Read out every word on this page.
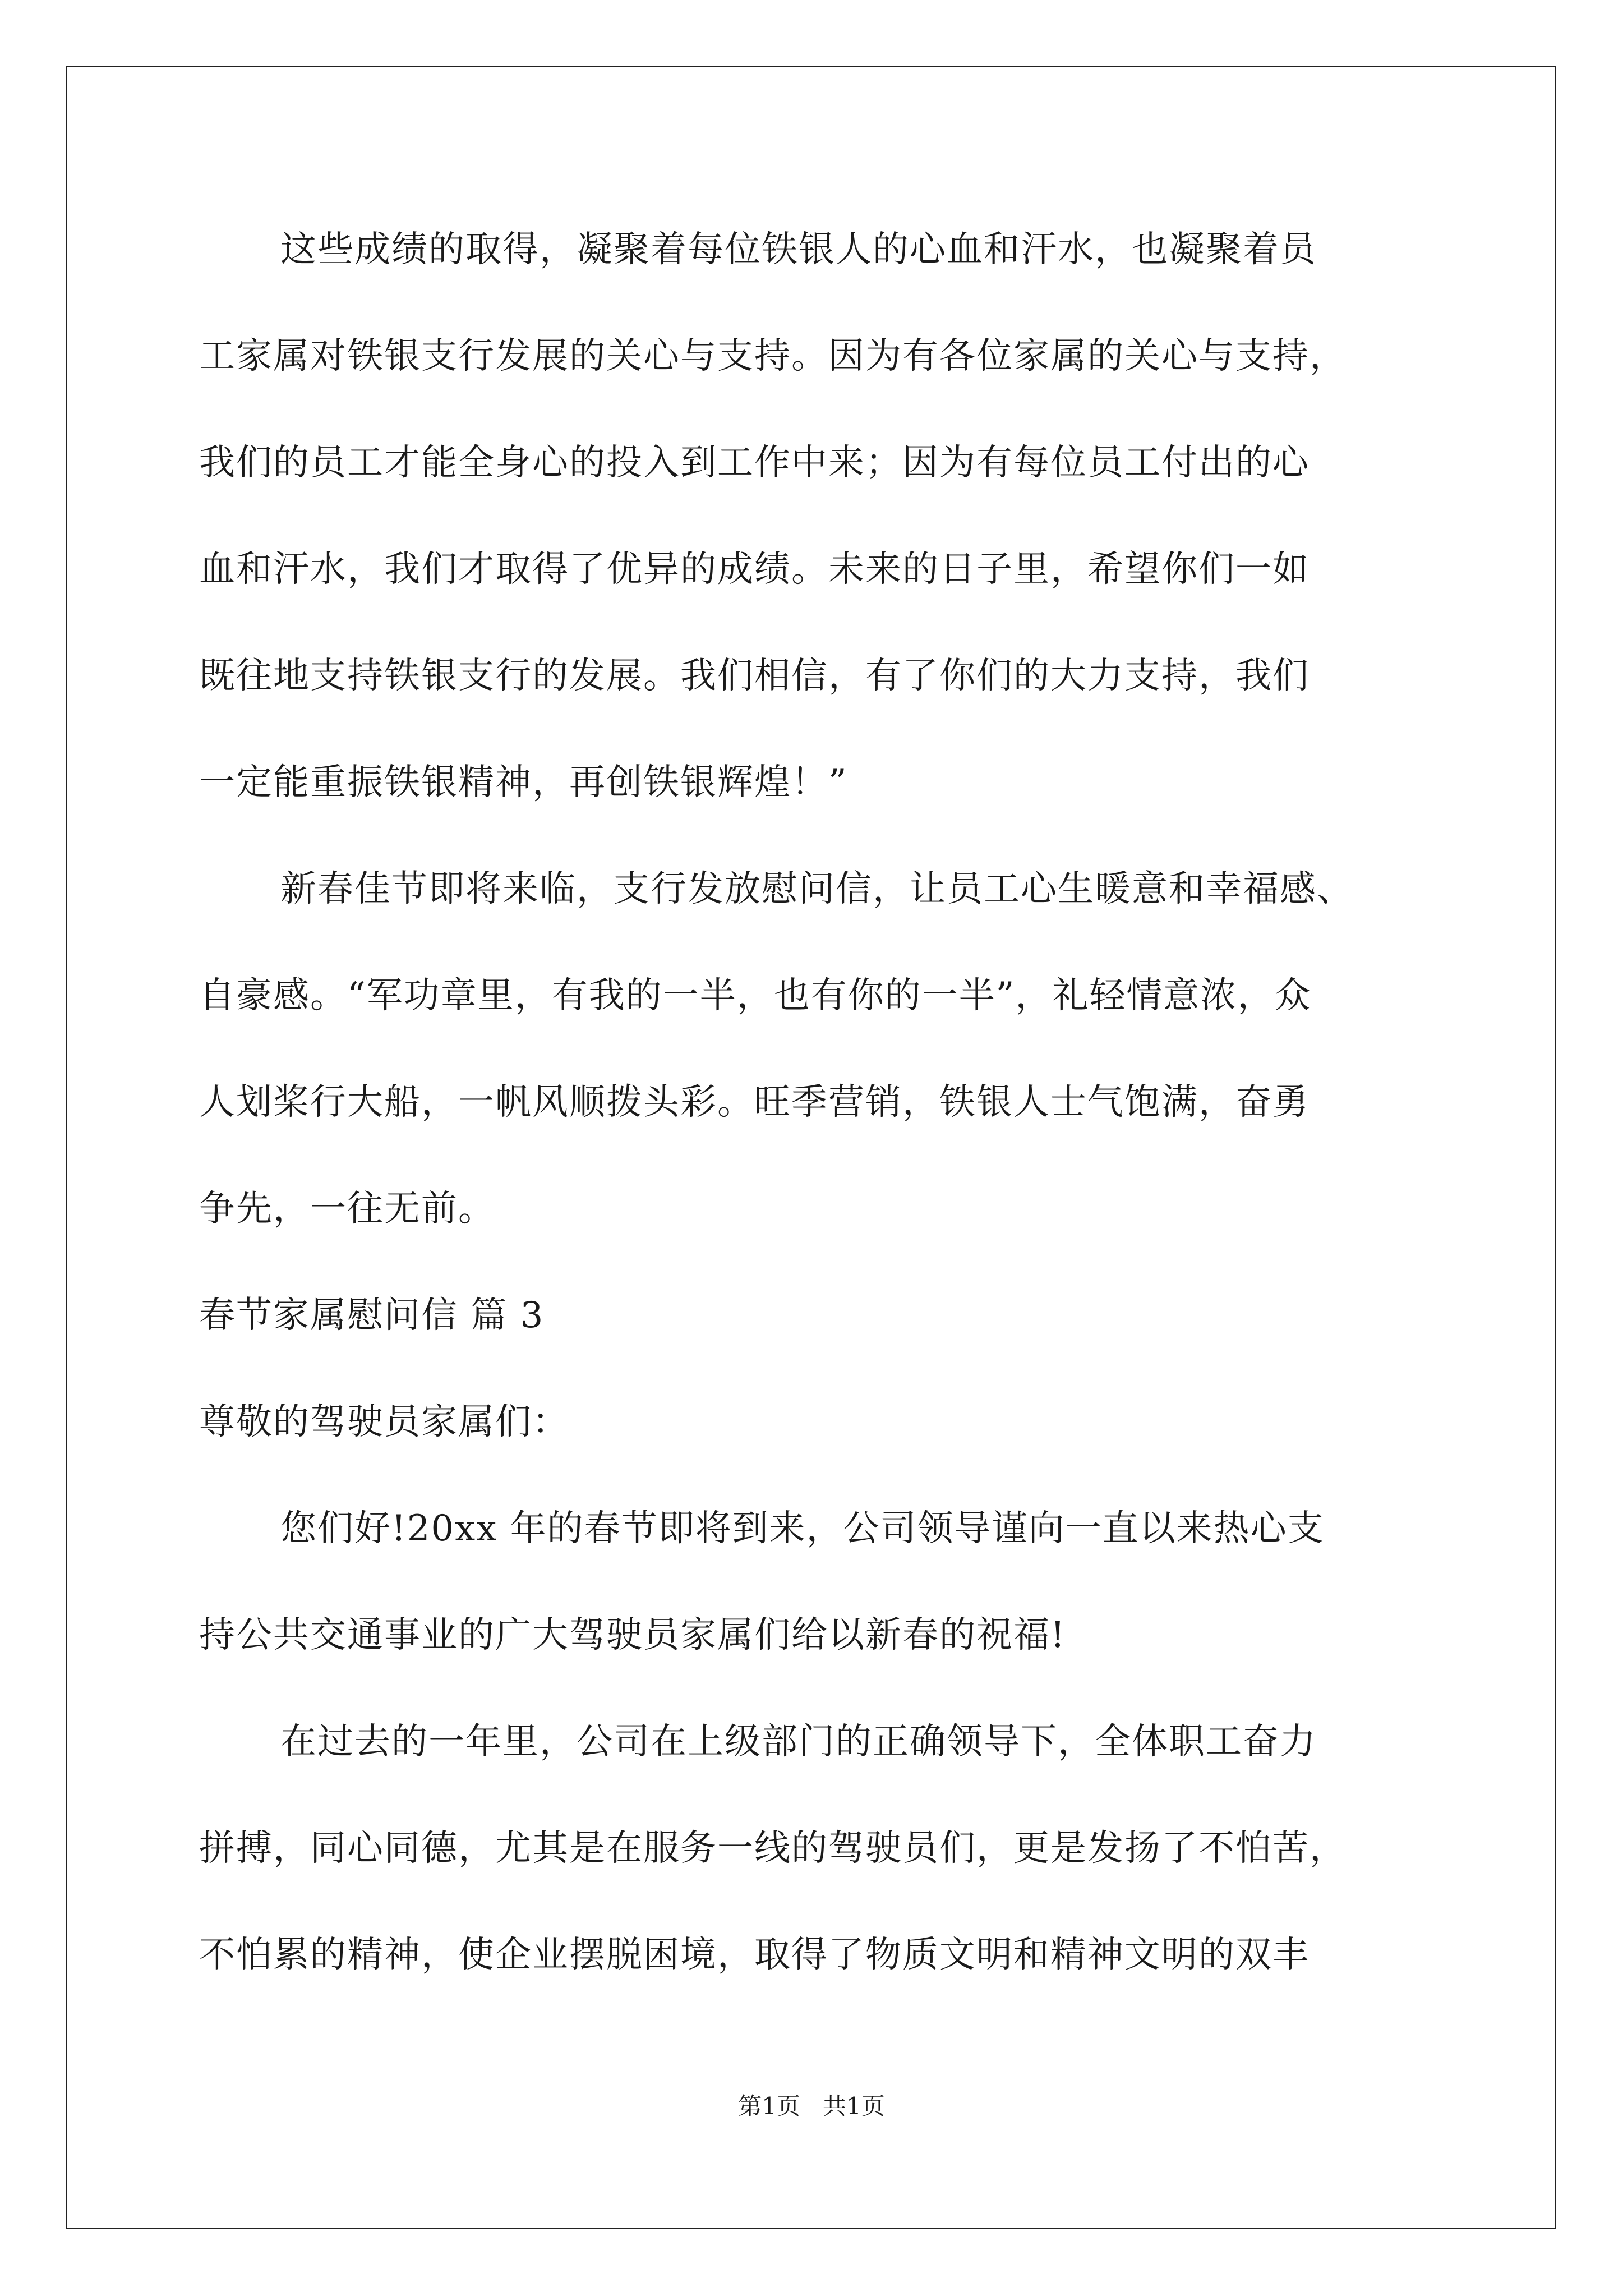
这些成绩的取得，凝聚着每位铁银人的心血和汗水，也凝聚着员
工家属对铁银支行发展的关心与支持。因为有各位家属的关心与支持，
我们的员工才能全身心的投入到工作中来；因为有每位员工付出的心
血和汗水，我们才取得了优异的成绩。未来的日子里，希望你们一如
既往地支持铁银支行的发展。我们相信，有了你们的大力支持，我们
一定能重振铁银精神，再创铁银辉煌！”
新春佳节即将来临，支行发放慰问信，让员工心生暖意和幸福感、
自豪感。“军功章里，有我的一半，也有你的一半”，礼轻情意浓，众
人划桨行大船，一帆风顺拨头彩。旺季营销，铁银人士气饱满，奋勇
争先，一往无前。
春节家属慰问信 篇 3
尊敬的驾驶员家属们：
您们好!20xx 年的春节即将到来，公司领导谨向一直以来热心支
持公共交通事业的广大驾驶员家属们给以新春的祝福!
在过去的一年里，公司在上级部门的正确领导下，全体职工奋力
拼搏，同心同德，尤其是在服务一线的驾驶员们，更是发扬了不怕苦，
不怕累的精神，使企业摆脱困境，取得了物质文明和精神文明的双丰
第1页   共1页
